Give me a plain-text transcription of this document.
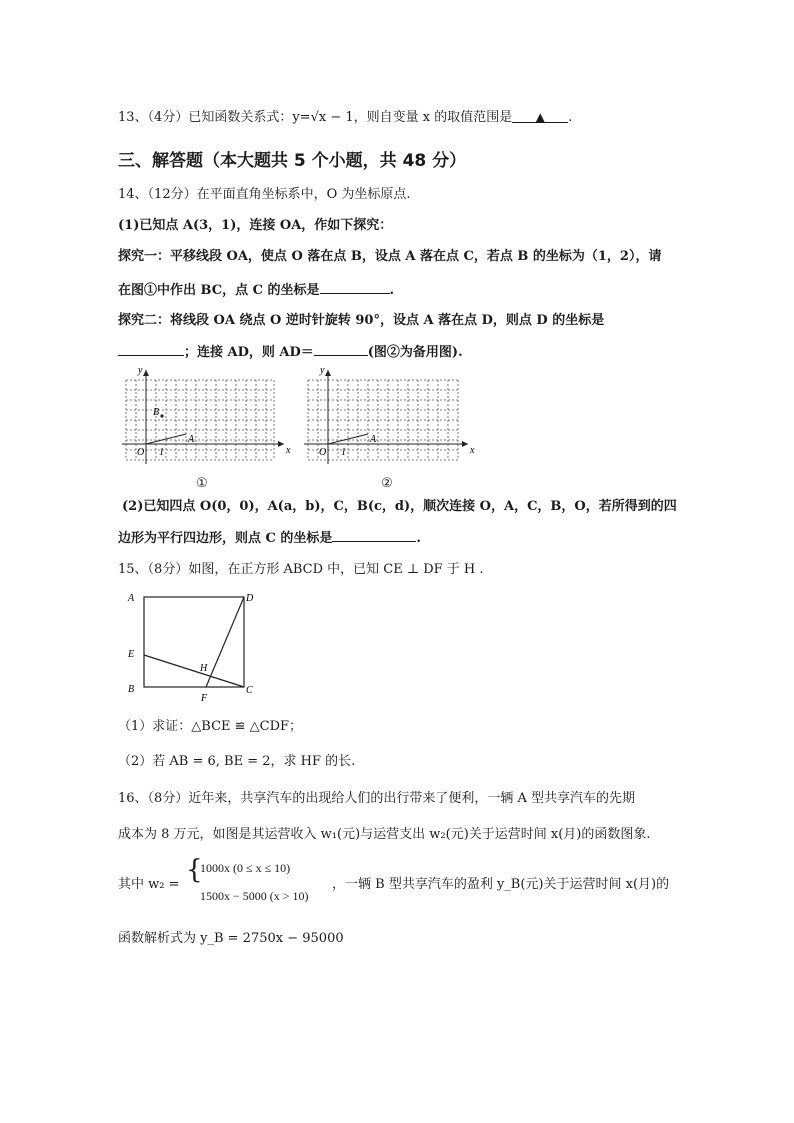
13、（4分）已知函数关系式：y=√x − 1，则自变量 x 的取值范围是 ▲ .
三、解答题（本大题共 5 个小题，共 48 分）
14、（12分）在平面直角坐标系中，O 为坐标原点.
(1)已知点 A(3，1)，连接 OA，作如下探究：
探究一：平移线段 OA，使点 O 落在点 B，设点 A 落在点 C，若点 B 的坐标为（1，2），请
在图①中作出 BC，点 C 的坐标是	.
探究二：将线段 OA 绕点 O 逆时针旋转 90°，设点 A 落在点 D，则点 D 的坐标是
；连接 AD，则 AD＝	(图②为备用图).
y
x
O 1
A
B
①
y
x
O 1
A
②
(2)已知四点 O(0，0)，A(a，b)，C，B(c，d)，顺次连接 O，A，C，B，O，若所得到的四
边形为平行四边形，则点 C 的坐标是	.
15、（8分）如图，在正方形 ABCD 中，已知 CE ⊥ DF 于 H .
A	D
E
B	C
F
H
（1）求证：△BCE ≌ △CDF；
（2）若 AB = 6, BE = 2，求 HF 的长.
16、（8分）近年来，共享汽车的出现给人们的出行带来了便利，一辆 A 型共享汽车的先期
成本为 8 万元，如图是其运营收入 w₁(元)与运营支出 w₂(元)关于运营时间 x(月)的函数图象.
其中 w₂ = {
1000x (0 ≤ x ≤ 10)
1500x − 5000 (x > 10)
，一辆 B 型共享汽车的盈利 y_B(元)关于运营时间 x(月)的
函数解析式为 y_B = 2750x − 95000
